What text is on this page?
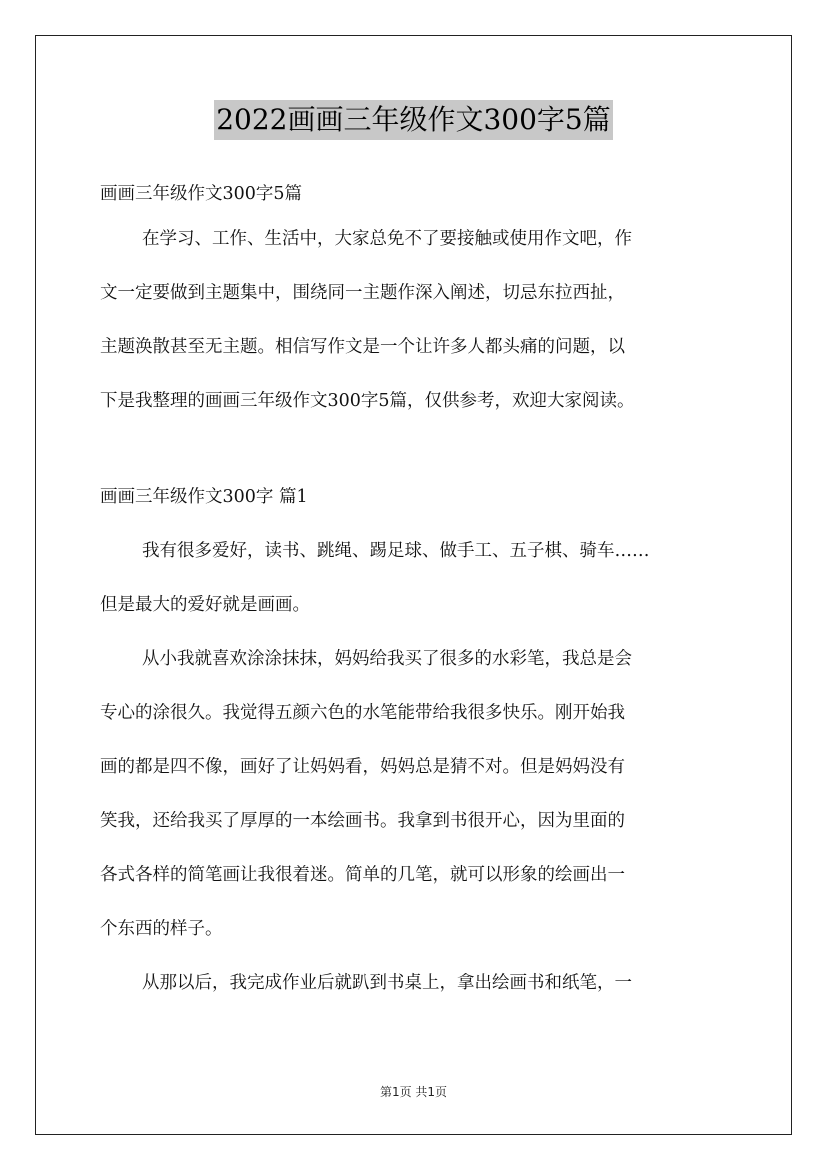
2022画画三年级作文300字5篇

画画三年级作文300字5篇

在学习、工作、生活中，大家总免不了要接触或使用作文吧，作

文一定要做到主题集中，围绕同一主题作深入阐述，切忌东拉西扯，

主题涣散甚至无主题。相信写作文是一个让许多人都头痛的问题，以

下是我整理的画画三年级作文300字5篇，仅供参考，欢迎大家阅读。

画画三年级作文300字 篇1

我有很多爱好，读书、跳绳、踢足球、做手工、五子棋、骑车……

但是最大的爱好就是画画。

从小我就喜欢涂涂抹抹，妈妈给我买了很多的水彩笔，我总是会

专心的涂很久。我觉得五颜六色的水笔能带给我很多快乐。刚开始我

画的都是四不像，画好了让妈妈看，妈妈总是猜不对。但是妈妈没有

笑我，还给我买了厚厚的一本绘画书。我拿到书很开心，因为里面的

各式各样的简笔画让我很着迷。简单的几笔，就可以形象的绘画出一

个东西的样子。

从那以后，我完成作业后就趴到书桌上，拿出绘画书和纸笔，一

第1页 共1页
